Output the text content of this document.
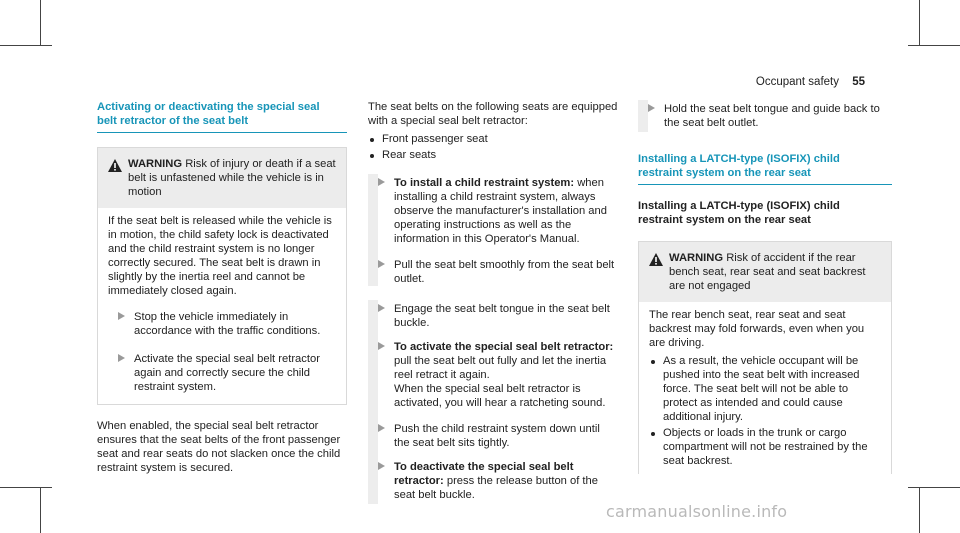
Occupant safety 55
Activating or deactivating the special seal
belt retractor of the seat belt
WARNING Risk of injury or death if a seat belt is unfastened while the vehicle is in motion

If the seat belt is released while the vehicle is in motion, the child safety lock is deactivated and the child restraint system is no longer correctly secured. The seat belt is drawn in slightly by the inertia reel and cannot be immediately closed again.

Stop the vehicle immediately in accordance with the traffic conditions.
Activate the special seal belt retractor again and correctly secure the child restraint system.

When enabled, the special seal belt retractor ensures that the seat belts of the front passenger seat and rear seats do not slacken once the child restraint system is secured.

The seat belts on the following seats are equipped with a special seal belt retractor:

Front passenger seat
Rear seats
To install a child restraint system: when installing a child restraint system, always observe the manufacturer's installation and operating instructions as well as the information in this Operator's Manual.
Pull the seat belt smoothly from the seat belt outlet.
Engage the seat belt tongue in the seat belt buckle.
To activate the special seal belt retractor: pull the seat belt out fully and let the inertia reel retract it again.
When the special seal belt retractor is activated, you will hear a ratcheting sound.
Push the child restraint system down until the seat belt sits tightly.
To deactivate the special seal belt retractor: press the release button of the seat belt buckle.
Hold the seat belt tongue and guide back to the seat belt outlet.
Installing a LATCH-type (ISOFIX) child
restraint system on the rear seat
Installing a LATCH-type (ISOFIX) child
restraint system on the rear seat
WARNING Risk of accident if the rear bench seat, rear seat and seat backrest are not engaged

The rear bench seat, rear seat and seat backrest may fold forwards, even when you are driving.

As a result, the vehicle occupant will be pushed into the seat belt with increased force. The seat belt will not be able to protect as intended and could cause additional injury.
Objects or loads in the trunk or cargo compartment will not be restrained by the seat backrest.
carmanualsonline.info
